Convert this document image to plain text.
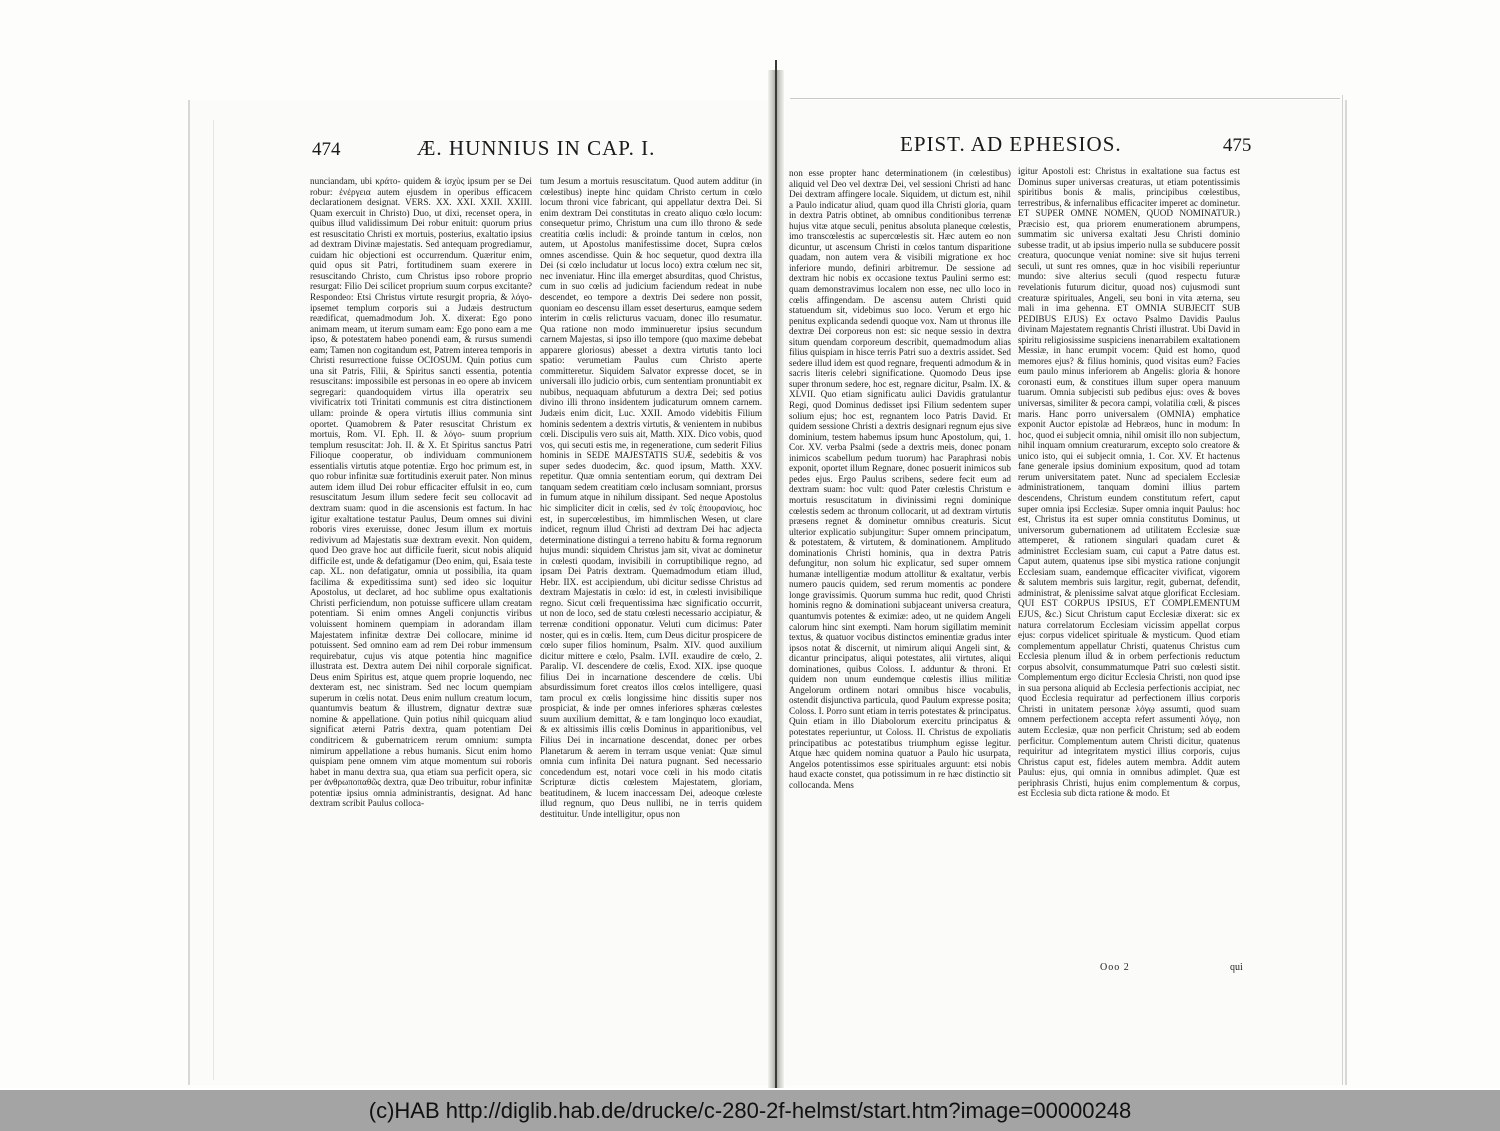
474	Æ. HUNNIUS IN CAP. I.	EPIST. AD EPHESIOS.	475

nunciandam, ubi κράτο- quidem & ἰσχὺς ipsum per se Dei robur: ἐνέργεια autem ejusdem in operibus efficacem declarationem designat. VERS. XX. XXI. XXII. XXIII. Quam exercuit in Christo) Duo, ut dixi, recenset opera, in quibus illud validissimum Dei robur enituit: quorum prius est resuscitatio Christi ex mortuis, posterius, exaltatio ipsius ad dextram Divinæ majestatis. Sed antequam progrediamur, cuidam hic objectioni est occurrendum. Quæritur enim, quid opus sit Patri, fortitudinem suam exerere in resuscitando Christo, cum Christus ipso robore proprio resurgat: Filio Dei scilicet proprium suum corpus excitante? Respondeo: Etsi Christus virtute resurgit propria, & λόγο- ipsemet templum corporis sui a Judæis destructum reædificat, quemadmodum Joh. X. dixerat: Ego pono animam meam, ut iterum sumam eam: Ego pono eam a me ipso, & potestatem habeo ponendi eam, & rursus sumendi eam; Tamen non cogitandum est, Patrem interea temporis in Christi resurrectione fuisse OCIOSUM. Quin potius cum una sit Patris, Filii, & Spiritus sancti essentia, potentia resuscitans: impossibile est personas in eo opere ab invicem segregari: quandoquidem virtus illa operatrix seu vivificatrix toti Trinitati communis est citra distinctionem ullam: proinde & opera virtutis illius communia sint oportet. Quamobrem & Pater resuscitat Christum ex mortuis, Rom. VI. Eph. II. & λόγο- suum proprium templum resuscitat: Joh. II. & X. Et Spiritus sanctus Patri Filioque cooperatur, ob individuam communionem essentialis virtutis atque potentiæ. Ergo hoc primum est, in quo robur infinitæ suæ fortitudinis exeruit pater. Non minus autem idem illud Dei robur efficaciter effulsit in eo, cum resuscitatum Jesum illum sedere fecit seu collocavit ad dextram suam: quod in die ascensionis est factum. In hac igitur exaltatione testatur Paulus, Deum omnes sui divini roboris vires exeruisse, donec Jesum illum ex mortuis redivivum ad Majestatis suæ dextram evexit. Non quidem, quod Deo grave hoc aut difficile fuerit, sicut nobis aliquid difficile est, unde & defatigamur (Deo enim, qui, Esaia teste cap. XL. non defatigatur, omnia ut possibilia, ita quam facilima & expeditissima sunt) sed ideo sic loquitur Apostolus, ut declaret, ad hoc sublime opus exaltationis Christi perficiendum, non potuisse sufficere ullam creatam potentiam. Si enim omnes Angeli conjunctis viribus voluissent hominem quempiam in adorandam illam Majestatem infinitæ dextræ Dei collocare, minime id potuissent. Sed omnino eam ad rem Dei robur immensum requirebatur, cujus vis atque potentia hinc magnifice illustrata est. Dextra autem Dei nihil corporale significat. Deus enim Spiritus est, atque quem proprie loquendo, nec dexteram est, nec sinistram. Sed nec locum quempiam superum in cœlis notat. Deus enim nullum creatum locum, quantumvis beatum & illustrem, dignatur dextræ suæ nomine & appellatione. Quin potius nihil quicquam aliud significat æterni Patris dextra, quam potentiam Dei conditricem & gubernatricem rerum omnium: sumpta nimirum appellatione a rebus humanis. Sicut enim homo quispiam pene omnem vim atque momentum sui roboris habet in manu dextra sua, qua etiam sua perficit opera, sic per ἀνθρωποπαθῶς dextra, quæ Deo tribuitur, robur infinitæ potentiæ ipsius omnia administrantis, designat. Ad hanc dextram scribit Paulus colloca-

tum Jesum a mortuis resuscitatum. Quod autem additur (in cœlestibus) inepte hinc quidam Christo certum in cœlo locum throni vice fabricant, qui appellatur dextra Dei. Si enim dextram Dei constitutas in creato aliquo cœlo locum: consequetur primo, Christum una cum illo throno & sede creatitia cœlis includi: & proinde tantum in cœlos, non autem, ut Apostolus manifestissime docet, Supra cœlos omnes ascendisse. Quin & hoc sequetur, quod dextra illa Dei (si cœlo includatur ut locus loco) extra cœlum nec sit, nec inveniatur. Hinc illa emerget absurditas, quod Christus, cum in suo cœlis ad judicium faciendum redeat in nube descendet, eo tempore a dextris Dei sedere non possit, quoniam eo descensu illam esset deserturus, eamque sedem interim in cœlis relicturus vacuam, donec illo resumatur. Qua ratione non modo imminueretur ipsius secundum carnem Majestas, si ipso illo tempore (quo maxime debebat apparere gloriosus) abesset a dextra virtutis tanto loci spatio: verumetiam Paulus cum Christo aperte committeretur. Siquidem Salvator expresse docet, se in universali illo judicio orbis, cum sententiam pronuntiabit ex nubibus, nequaquam abfuturum a dextra Dei; sed potius divino illi throno insidentem judicaturum omnem carnem. Judæis enim dicit, Luc. XXII. Amodo videbitis Filium hominis sedentem a dextris virtutis, & venientem in nubibus cœli. Discipulis vero suis ait, Matth. XIX. Dico vobis, quod vos, qui secuti estis me, in regeneratione, cum sederit Filius hominis in SEDE MAJESTATIS SUÆ, sedebitis & vos super sedes duodecim, &c. quod ipsum, Matth. XXV. repetitur. Quæ omnia sententiam eorum, qui dextram Dei tanquam sedem creatitiam cœlo inclusam somniant, prorsus in fumum atque in nihilum dissipant. Sed neque Apostolus hic simpliciter dicit in cœlis, sed ἐν τοῖς ἐπουρανίοις, hoc est, in supercœlestibus, im himmlischen Wesen, ut clare indicet, regnum illud Christi ad dextram Dei hac adjecta determinatione distingui a terreno habitu & forma regnorum hujus mundi: siquidem Christus jam sit, vivat ac dominetur in cœlesti quodam, invisibili in corruptibilique regno, ad ipsam Dei Patris dextram. Quemadmodum etiam illud, Hebr. IIX. est accipiendum, ubi dicitur sedisse Christus ad dextram Majestatis in cœlo: id est, in cœlesti invisibilique regno. Sicut cœli frequentissima hæc significatio occurrit, ut non de loco, sed de statu cœlesti necessario accipiatur, & terrenæ conditioni opponatur. Veluti cum dicimus: Pater noster, qui es in cœlis. Item, cum Deus dicitur prospicere de cœlo super filios hominum, Psalm. XIV. quod auxilium dicitur mittere e cœlo, Psalm. LVII. exaudire de cœlo, 2. Paralip. VI. descendere de cœlis, Exod. XIX. ipse quoque filius Dei in incarnatione descendere de cœlis. Ubi absurdissimum foret creatos illos cœlos intelligere, quasi tam procul ex cœlis longissime hinc dissitis super nos prospiciat, & inde per omnes inferiores sphæras cœlestes suum auxilium demittat, & e tam longinquo loco exaudiat, & ex altissimis illis cœlis Dominus in apparitionibus, vel Filius Dei in incarnatione descendat, donec per orbes Planetarum & aerem in terram usque veniat: Quæ simul omnia cum infinita Dei natura pugnant. Sed necessario concedendum est, notari voce cœli in his modo citatis Scripturæ dictis cœlestem Majestatem, gloriam, beatitudinem, & lucem inaccessam Dei, adeoque cœleste illud regnum, quo Deus nullibi, ne in terris quidem destituitur. Unde intelligitur, opus non

non esse propter hanc determinationem (in cœlestibus) aliquid vel Deo vel dextræ Dei, vel sessioni Christi ad hanc Dei dextram affingere locale. Siquidem, ut dictum est, nihil a Paulo indicatur aliud, quam quod illa Christi gloria, quam in dextra Patris obtinet, ab omnibus conditionibus terrenæ hujus vitæ atque seculi, penitus absoluta planeque cœlestis, imo transcœlestis ac supercœlestis sit. Hæc autem eo non dicuntur, ut ascensum Christi in cœlos tantum disparitione quadam, non autem vera & visibili migratione ex hoc inferiore mundo, definiri arbitremur. De sessione ad dextram hic nobis ex occasione textus Paulini sermo est: quam demonstravimus localem non esse, nec ullo loco in cœlis affingendam. De ascensu autem Christi quid statuendum sit, videbimus suo loco. Verum et ergo hic penitus explicanda sedendi quoque vox. Nam ut thronus ille dextræ Dei corporeus non est: sic neque sessio in dextra situm quendam corporeum describit, quemadmodum alias filius quispiam in hisce terris Patri suo a dextris assidet. Sed sedere illud idem est quod regnare, frequenti admodum & in sacris literis celebri significatione. Quomodo Deus ipse super thronum sedere, hoc est, regnare dicitur, Psalm. IX. & XLVII. Quo etiam significatu aulici Davidis gratulantur Regi, quod Dominus dedisset ipsi Filium sedentem super solium ejus; hoc est, regnantem loco Patris David. Et quidem sessione Christi a dextris designari regnum ejus sive dominium, testem habemus ipsum hunc Apostolum, qui, 1. Cor. XV. verba Psalmi (sede a dextris meis, donec ponam inimicos scabellum pedum tuorum) hac Paraphrasi nobis exponit, oportet illum Regnare, donec posuerit inimicos sub pedes ejus. Ergo Paulus scribens, sedere fecit eum ad dextram suam: hoc vult: quod Pater cœlestis Christum e mortuis resuscitatum in divinissimi regni dominique cœlestis sedem ac thronum collocarit, ut ad dextram virtutis præsens regnet & dominetur omnibus creaturis. Sicut ulterior explicatio subjungitur: Super omnem principatum, & potestatem, & virtutem, & dominationem. Amplitudo dominationis Christi hominis, qua in dextra Patris defungitur, non solum hic explicatur, sed super omnem humanæ intelligentiæ modum attollitur & exaltatur, verbis numero paucis quidem, sed rerum momentis ac pondere longe gravissimis. Quorum summa huc redit, quod Christi hominis regno & dominationi subjaceant universa creatura, quantumvis potentes & eximiæ: adeo, ut ne quidem Angeli calorum hinc sint exempti. Nam horum sigillatim meminit textus, & quatuor vocibus distinctos eminentiæ gradus inter ipsos notat & discernit, ut nimirum aliqui Angeli sint, & dicantur principatus, aliqui potestates, alii virtutes, aliqui dominationes, quibus Coloss. I. adduntur & throni. Et quidem non unum eundemque cœlestis illius militiæ Angelorum ordinem notari omnibus hisce vocabulis, ostendit disjunctiva particula, quod Paulum expresse posita; Coloss. I. Porro sunt etiam in terris potestates & principatus. Quin etiam in illo Diabolorum exercitu principatus & potestates reperiuntur, ut Coloss. II. Christus de expoliatis principatibus ac potestatibus triumphum egisse legitur. Atque hæc quidem nomina quatuor a Paulo hic usurpata, Angelos potentissimos esse spirituales arguunt: etsi nobis haud exacte constet, qua potissimum in re hæc distinctio sit collocanda. Mens

igitur Apostoli est: Christus in exaltatione sua factus est Dominus super universas creaturas, ut etiam potentissimis spiritibus bonis & malis, principibus cœlestibus, terrestribus, & infernalibus efficaciter imperet ac dominetur. ET SUPER OMNE NOMEN, QUOD NOMINATUR.) Præcisio est, qua priorem enumerationem abrumpens, summatim sic universa exaltati Jesu Christi dominio subesse tradit, ut ab ipsius imperio nulla se subducere possit creatura, quocunque veniat nomine: sive sit hujus terreni seculi, ut sunt res omnes, quæ in hoc visibili reperiuntur mundo: sive alterius seculi (quod respectu futuræ revelationis futurum dicitur, quoad nos) cujusmodi sunt creaturæ spirituales, Angeli, seu boni in vita æterna, seu mali in ima gehenna. ET OMNIA SUBJECIT SUB PEDIBUS EJUS) Ex octavo Psalmo Davidis Paulus divinam Majestatem regnantis Christi illustrat. Ubi David in spiritu religiosissime suspiciens inenarrabilem exaltationem Messiæ, in hanc erumpit vocem: Quid est homo, quod memores ejus? & filius hominis, quod visitas eum? Facies eum paulo minus inferiorem ab Angelis: gloria & honore coronasti eum, & constitues illum super opera manuum tuarum. Omnia subjecisti sub pedibus ejus: oves & boves universas, similiter & pecora campi, volatilia cœli, & pisces maris. Hanc porro universalem (OMNIA) emphatice exponit Auctor epistolæ ad Hebræos, hunc in modum: In hoc, quod ei subjecit omnia, nihil omisit illo non subjectum, nihil inquam omnium creaturarum, excepto solo creatore & unico isto, qui ei subjecit omnia, 1. Cor. XV. Et hactenus fane generale ipsius dominium expositum, quod ad totam rerum universitatem patet. Nunc ad specialem Ecclesiæ administrationem, tanquam domini illius partem descendens, Christum eundem constitutum refert, caput super omnia ipsi Ecclesiæ. Super omnia inquit Paulus: hoc est, Christus ita est super omnia constitutus Dominus, ut universorum gubernationem ad utilitatem Ecclesiæ suæ attemperet, & rationem singulari quadam curet & administret Ecclesiam suam, cui caput a Patre datus est. Caput autem, quatenus ipse sibi mystica ratione conjungit Ecclesiam suam, eandemque efficaciter vivificat, vigorem & salutem membris suis largitur, regit, gubernat, defendit, administrat, & plenissime salvat atque glorificat Ecclesiam. QUI EST CORPUS IPSIUS, ET COMPLEMENTUM EJUS, &c.) Sicut Christum caput Ecclesiæ dixerat: sic ex natura correlatorum Ecclesiam vicissim appellat corpus ejus: corpus videlicet spirituale & mysticum. Quod etiam complementum appellatur Christi, quatenus Christus cum Ecclesia plenum illud & in orbem perfectionis reductum corpus absolvit, consummatumque Patri suo cœlesti sistit. Complementum ergo dicitur Ecclesia Christi, non quod ipse in sua persona aliquid ab Ecclesia perfectionis accipiat, nec quod Ecclesia requiratur ad perfectionem illius corporis Christi in unitatem personæ λόγῳ assumti, quod suam omnem perfectionem accepta refert assumenti λόγῳ, non autem Ecclesiæ, quæ non perficit Christum; sed ab eodem perficitur. Complementum autem Christi dicitur, quatenus requiritur ad integritatem mystici illius corporis, cujus Christus caput est, fideles autem membra. Addit autem Paulus: ejus, qui omnia in omnibus adimplet. Quæ est periphrasis Christi, hujus enim complementum & corpus, est Ecclesia sub dicta ratione & modo. Et

Ooo 2	qui
(c)HAB http://diglib.hab.de/drucke/c-280-2f-helmst/start.htm?image=00000248
